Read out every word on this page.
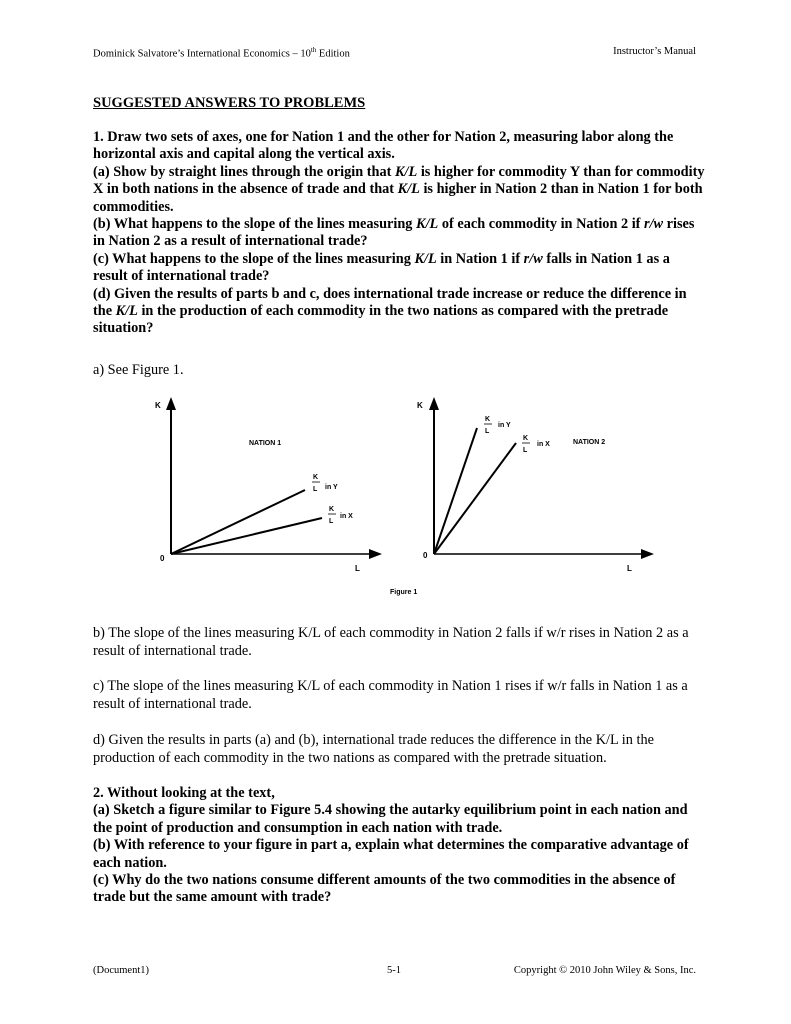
Dominick Salvatore’s International Economics – 10th Edition	Instructor’s Manual
SUGGESTED ANSWERS TO PROBLEMS

1. Draw two sets of axes, one for Nation 1 and the other for Nation 2, measuring labor along the horizontal axis and capital along the vertical axis.

(a) Show by straight lines through the origin that K/L is higher for commodity Y than for commodity X in both nations in the absence of trade and that K/L is higher in Nation 2 than in Nation 1 for both commodities.

(b) What happens to the slope of the lines measuring K/L of each commodity in Nation 2 if r/w rises in Nation 2 as a result of international trade?

(c) What happens to the slope of the lines measuring K/L in Nation 1 if r/w falls in Nation 1 as a result of international trade?

(d) Given the results of parts b and c, does international trade increase or reduce the difference in the K/L in the production of each commodity in the two nations as compared with the pretrade situation?

a) See Figure 1.
K
0
L
NATION 1
K
L in Y
K
L
in X
K
0
L
NATION 2
K
L
in Y
K
L
in X
Figure 1
b) The slope of the lines measuring K/L of each commodity in Nation 2 falls if w/r rises in Nation 2 as a result of international trade.
c) The slope of the lines measuring K/L of each commodity in Nation 1 rises if w/r falls in Nation 1 as a result of international trade.
d) Given the results in parts (a) and (b), international trade reduces the difference in the K/L in the production of each commodity in the two nations as compared with the pretrade situation.

2. Without looking at the text,

(a) Sketch a figure similar to Figure 5.4 showing the autarky equilibrium point in each nation and the point of production and consumption in each nation with trade.

(b) With reference to your figure in part a, explain what determines the comparative advantage of each nation.

(c) Why do the two nations consume different amounts of the two commodities in the absence of trade but the same amount with trade?

(Document1)	5-1	Copyright © 2010 John Wiley & Sons, Inc.
